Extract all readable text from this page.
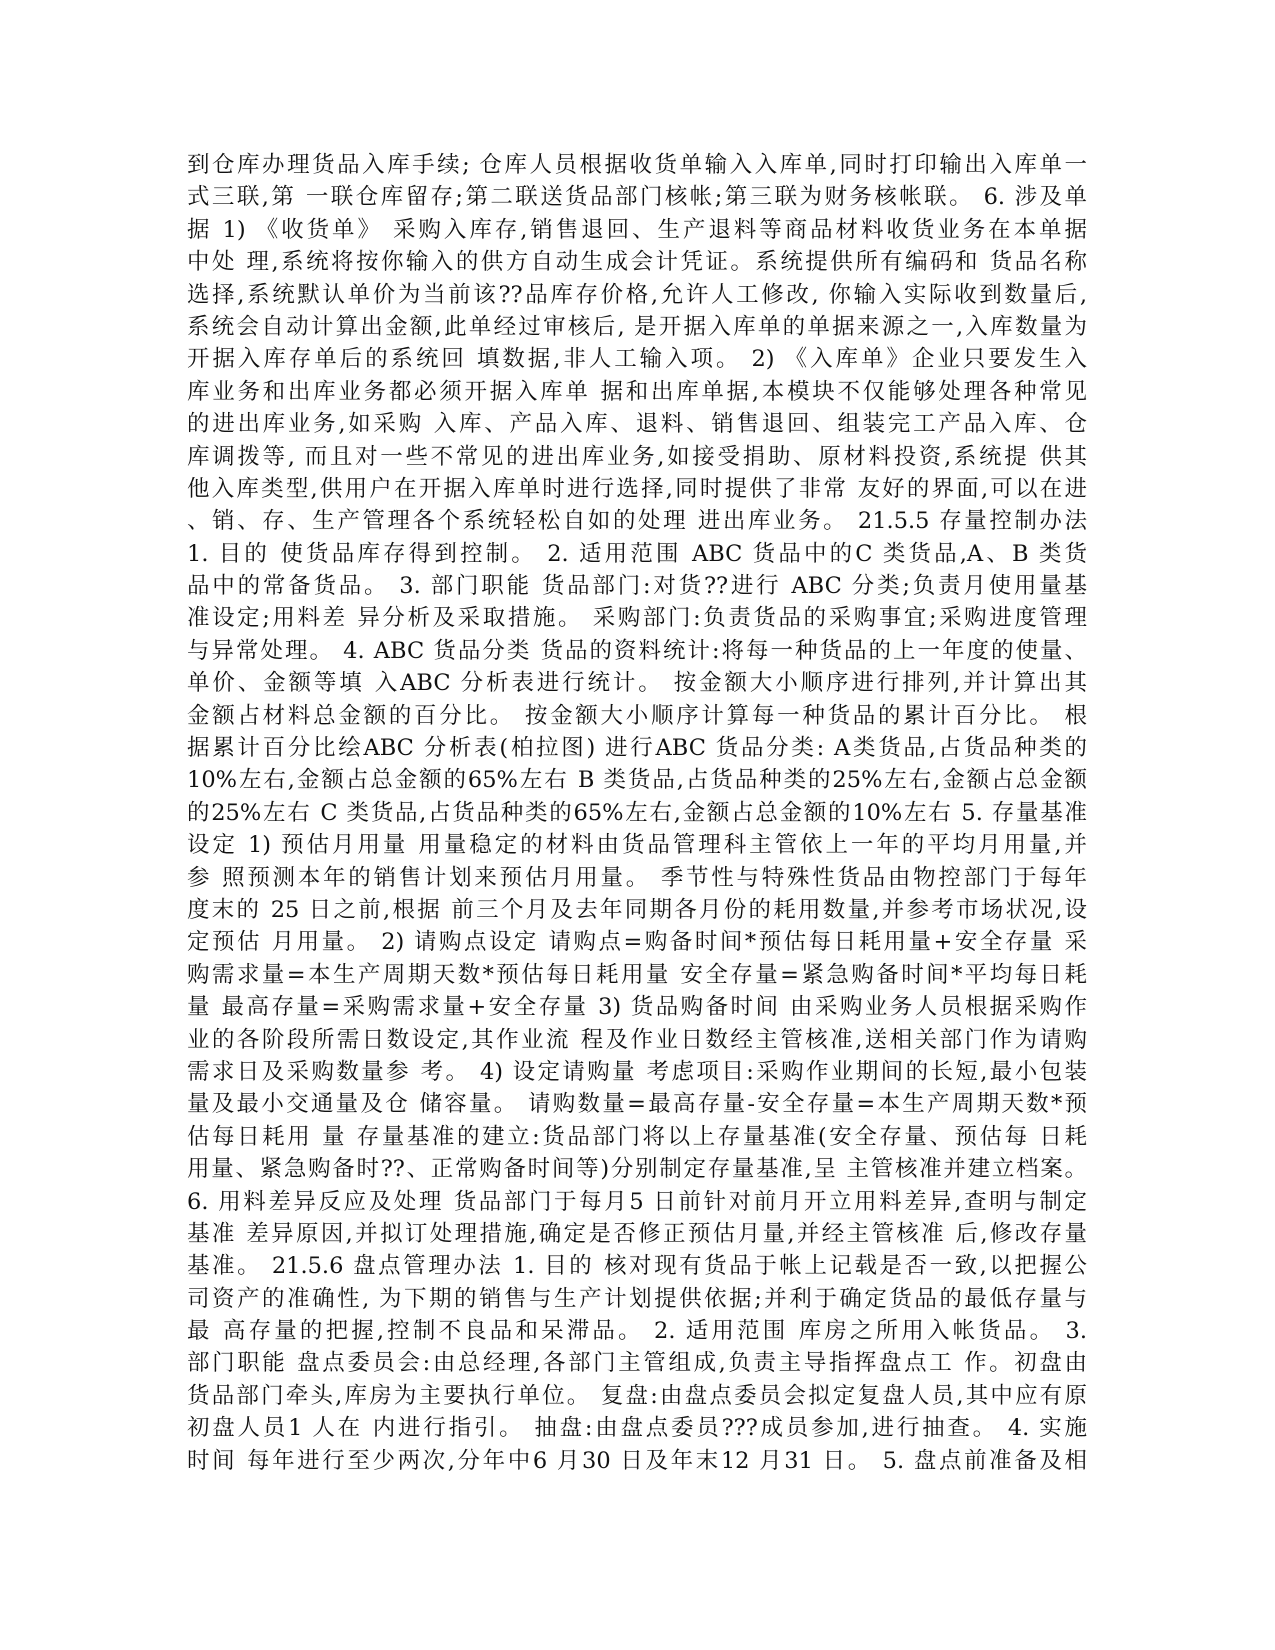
到仓库办理货品入库手续; 仓库人员根据收货单输入入库单,同时打印输出入库单一
式三联,第 一联仓库留存;第二联送货品部门核帐;第三联为财务核帐联。 6. 涉及单
据 1) 《收货单》 采购入库存,销售退回、生产退料等商品材料收货业务在本单据
中处 理,系统将按你输入的供方自动生成会计凭证。系统提供所有编码和 货品名称
选择,系统默认单价为当前该??品库存价格,允许人工修改, 你输入实际收到数量后,
系统会自动计算出金额,此单经过审核后, 是开据入库单的单据来源之一,入库数量为
开据入库存单后的系统回 填数据,非人工输入项。 2) 《入库单》企业只要发生入
库业务和出库业务都必须开据入库单 据和出库单据,本模块不仅能够处理各种常见
的进出库业务,如采购 入库、产品入库、退料、销售退回、组装完工产品入库、仓
库调拨等, 而且对一些不常见的进出库业务,如接受捐助、原材料投资,系统提 供其
他入库类型,供用户在开据入库单时进行选择,同时提供了非常 友好的界面,可以在进
、销、存、生产管理各个系统轻松自如的处理 进出库业务。 21.5.5 存量控制办法
1. 目的 使货品库存得到控制。 2. 适用范围 ABC 货品中的C 类货品,A、B 类货
品中的常备货品。 3. 部门职能 货品部门:对货??进行 ABC 分类;负责月使用量基
准设定;用料差 异分析及采取措施。 采购部门:负责货品的采购事宜;采购进度管理
与异常处理。 4. ABC 货品分类 货品的资料统计:将每一种货品的上一年度的使量、
单价、金额等填 入ABC 分析表进行统计。 按金额大小顺序进行排列,并计算出其
金额占材料总金额的百分比。 按金额大小顺序计算每一种货品的累计百分比。 根
据累计百分比绘ABC 分析表(柏拉图) 进行ABC 货品分类: A类货品,占货品种类的
10%左右,金额占总金额的65%左右 B 类货品,占货品种类的25%左右,金额占总金额
的25%左右 C 类货品,占货品种类的65%左右,金额占总金额的10%左右 5. 存量基准
设定 1) 预估月用量 用量稳定的材料由货品管理科主管依上一年的平均月用量,并
参 照预测本年的销售计划来预估月用量。 季节性与特殊性货品由物控部门于每年
度末的 25 日之前,根据 前三个月及去年同期各月份的耗用数量,并参考市场状况,设
定预估 月用量。 2) 请购点设定 请购点=购备时间*预估每日耗用量+安全存量 采
购需求量=本生产周期天数*预估每日耗用量 安全存量=紧急购备时间*平均每日耗
量 最高存量=采购需求量+安全存量 3) 货品购备时间 由采购业务人员根据采购作
业的各阶段所需日数设定,其作业流 程及作业日数经主管核准,送相关部门作为请购
需求日及采购数量参 考。 4) 设定请购量 考虑项目:采购作业期间的长短,最小包装
量及最小交通量及仓 储容量。 请购数量=最高存量-安全存量=本生产周期天数*预
估每日耗用 量 存量基准的建立:货品部门将以上存量基准(安全存量、预估每 日耗
用量、紧急购备时??、正常购备时间等)分别制定存量基准,呈 主管核准并建立档案。
6. 用料差异反应及处理 货品部门于每月5 日前针对前月开立用料差异,查明与制定
基准 差异原因,并拟订处理措施,确定是否修正预估月量,并经主管核准 后,修改存量
基准。 21.5.6 盘点管理办法 1. 目的 核对现有货品于帐上记载是否一致,以把握公
司资产的准确性, 为下期的销售与生产计划提供依据;并利于确定货品的最低存量与
最 高存量的把握,控制不良品和呆滞品。 2. 适用范围 库房之所用入帐货品。 3.
部门职能 盘点委员会:由总经理,各部门主管组成,负责主导指挥盘点工 作。初盘由
货品部门牵头,库房为主要执行单位。 复盘:由盘点委员会拟定复盘人员,其中应有原
初盘人员1 人在 内进行指引。 抽盘:由盘点委员???成员参加,进行抽查。 4. 实施
时间 每年进行至少两次,分年中6 月30 日及年末12 月31 日。 5. 盘点前准备及相
